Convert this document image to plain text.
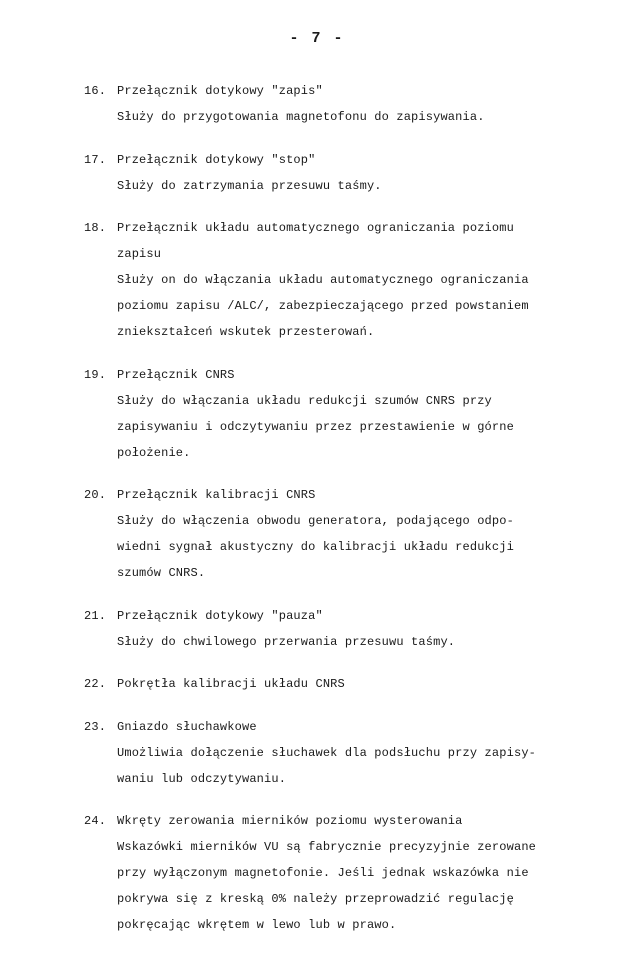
- 7 -
16. Przełącznik dotykowy "zapis"
Służy do przygotowania magnetofonu do zapisywania.
17. Przełącznik dotykowy "stop"
Służy do zatrzymania przesuwu taśmy.
18. Przełącznik układu automatycznego ograniczania poziomu
zapisu
Służy on do włączania układu automatycznego ograniczania
poziomu zapisu /ALC/, zabezpieczającego przed powstaniem
zniekształceń wskutek przesterowań.
19. Przełącznik CNRS
Służy do włączania układu redukcji szumów CNRS przy
zapisywaniu i odczytywaniu przez przestawienie w górne
położenie.
20. Przełącznik kalibracji CNRS
Służy do włączenia obwodu generatora, podającego odpo-
wiedni sygnał akustyczny do kalibracji układu redukcji
szumów CNRS.
21. Przełącznik dotykowy "pauza"
Służy do chwilowego przerwania przesuwu taśmy.
22. Pokrętła kalibracji układu CNRS
23. Gniazdo słuchawkowe
Umożliwia dołączenie słuchawek dla podsłuchu przy zapisy-
waniu lub odczytywaniu.
24. Wkręty zerowania mierników poziomu wysterowania
Wskazówki mierników VU są fabrycznie precyzyjnie zerowane
przy wyłączonym magnetofonie. Jeśli jednak wskazówka nie
pokrywa się z kreską 0% należy przeprowadzić regulację
pokręcając wkrętem w lewo lub w prawo.
